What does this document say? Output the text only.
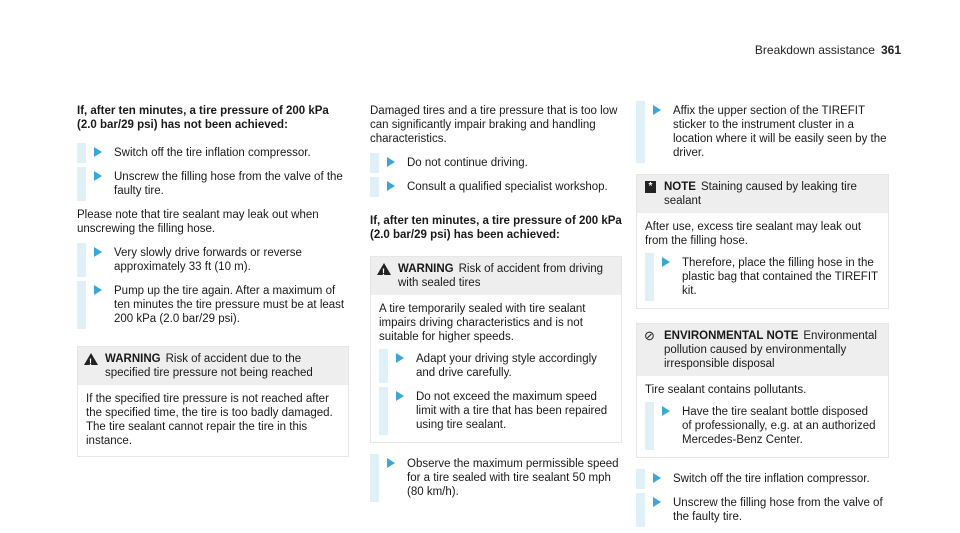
Breakdown assistance 361
If, after ten minutes, a tire pressure of 200 kPa (2.0 bar/29 psi) has not been achieved:
Switch off the tire inflation compressor.
Unscrew the filling hose from the valve of the faulty tire.
Please note that tire sealant may leak out when unscrewing the filling hose.
Very slowly drive forwards or reverse approximately 33 ft (10 m).
Pump up the tire again. After a maximum of ten minutes the tire pressure must be at least 200 kPa (2.0 bar/29 psi).
!
WARNING Risk of accident due to the specified tire pressure not being reached
If the specified tire pressure is not reached after the specified time, the tire is too badly damaged. The tire sealant cannot repair the tire in this instance.
Damaged tires and a tire pressure that is too low can significantly impair braking and handling characteristics.
Do not continue driving.
Consult a qualified specialist workshop.
If, after ten minutes, a tire pressure of 200 kPa (2.0 bar/29 psi) has been achieved:
!
WARNING Risk of accident from driving with sealed tires
A tire temporarily sealed with tire sealant impairs driving characteristics and is not suitable for higher speeds.
Adapt your driving style accordingly and drive carefully.
Do not exceed the maximum speed limit with a tire that has been repaired using tire sealant.
Observe the maximum permissible speed for a tire sealed with tire sealant 50 mph (80 km/h).
Affix the upper section of the TIREFIT sticker to the instrument cluster in a location where it will be easily seen by the driver.
*	NOTE Staining caused by leaking tire sealant
After use, excess tire sealant may leak out from the filling hose.
Therefore, place the filling hose in the plastic bag that contained the TIREFIT kit.
⊘ ENVIRONMENTAL NOTE Environmental pollution caused by environmentally irresponsible disposal
Tire sealant contains pollutants.
Have the tire sealant bottle disposed of professionally, e.g. at an authorized Mercedes-Benz Center.
Switch off the tire inflation compressor.
Unscrew the filling hose from the valve of the faulty tire.
